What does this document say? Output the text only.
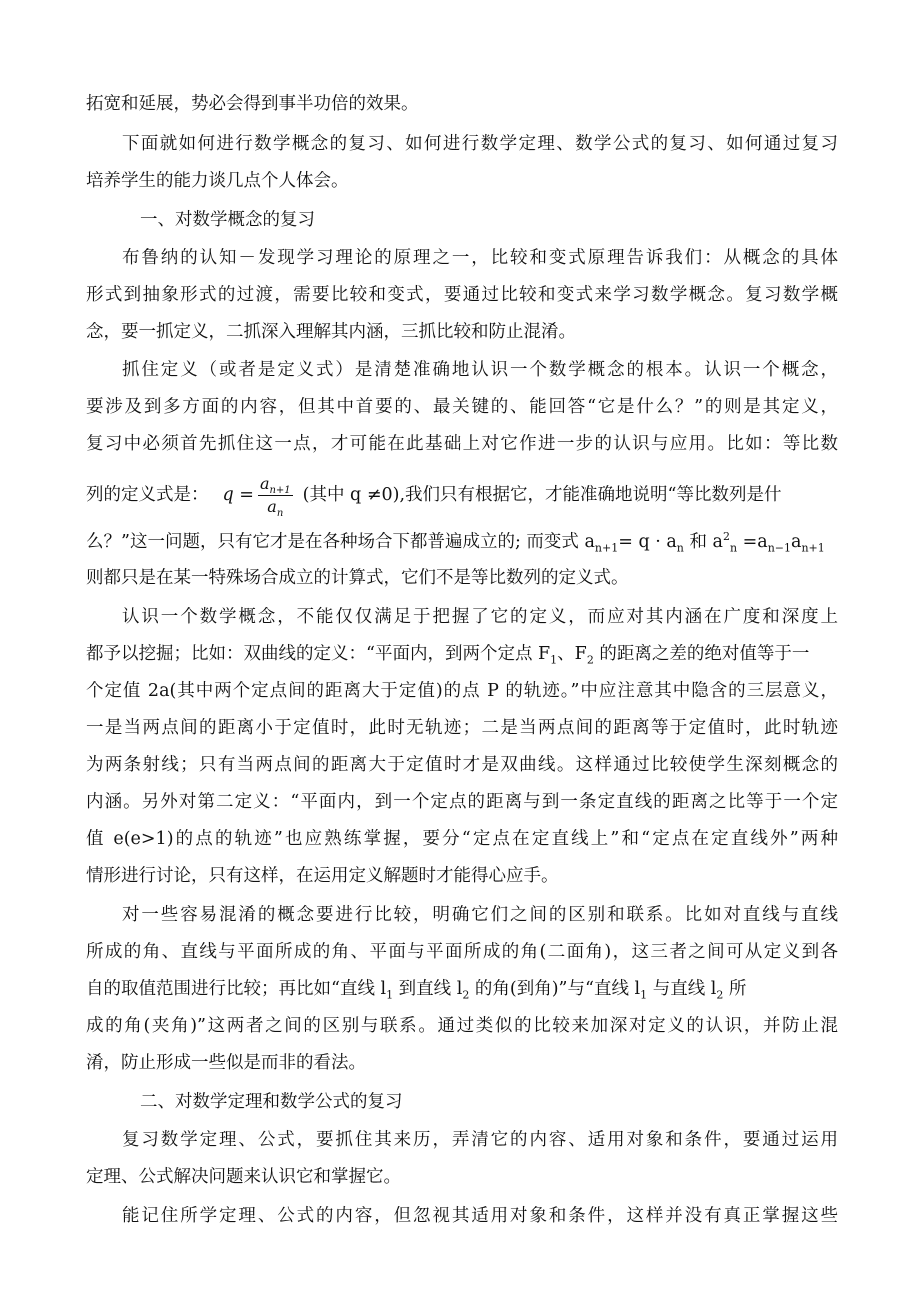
拓宽和延展，势必会得到事半功倍的效果。
下面就如何进行数学概念的复习、如何进行数学定理、数学公式的复习、如何通过复习
培养学生的能力谈几点个人体会。
一、对数学概念的复习
布鲁纳的认知－发现学习理论的原理之一，比较和变式原理告诉我们：从概念的具体
形式到抽象形式的过渡，需要比较和变式，要通过比较和变式来学习数学概念。复习数学概
念，要一抓定义，二抓深入理解其内涵，三抓比较和防止混淆。
抓住定义（或者是定义式）是清楚准确地认识一个数学概念的根本。认识一个概念，
要涉及到多方面的内容，但其中首要的、最关键的、能回答“它是什么？”的则是其定义，
复习中必须首先抓住这一点，才可能在此基础上对它作进一步的认识与应用。比如：等比数
列的定义式是： $q = \frac{a_{n+1}}{a_n}$ (其中 q ≠0),我们只有根据它，才能准确地说明“等比数列是什
么？”这一问题，只有它才是在各种场合下都普遍成立的; 而变式 $a_{n+1}= q \cdot a_n$ 和 $a^2_n =a_{n-1}a_{n+1}$
则都只是在某一特殊场合成立的计算式，它们不是等比数列的定义式。
认识一个数学概念，不能仅仅满足于把握了它的定义，而应对其内涵在广度和深度上
都予以挖掘；比如：双曲线的定义：“平面内，到两个定点 $F_1$、$F_2$ 的距离之差的绝对值等于一
个定值 2a(其中两个定点间的距离大于定值)的点 P 的轨迹。”中应注意其中隐含的三层意义，
一是当两点间的距离小于定值时，此时无轨迹；二是当两点间的距离等于定值时，此时轨迹
为两条射线；只有当两点间的距离大于定值时才是双曲线。这样通过比较使学生深刻概念的
内涵。另外对第二定义：“平面内，到一个定点的距离与到一条定直线的距离之比等于一个定
值 e(e>1)的点的轨迹”也应熟练掌握，要分“定点在定直线上”和“定点在定直线外”两种
情形进行讨论，只有这样，在运用定义解题时才能得心应手。
对一些容易混淆的概念要进行比较，明确它们之间的区别和联系。比如对直线与直线
所成的角、直线与平面所成的角、平面与平面所成的角(二面角)，这三者之间可从定义到各
自的取值范围进行比较；再比如“直线 $l_1$ 到直线 $l_2$ 的角(到角)”与“直线 $l_1$ 与直线 $l_2$ 所
成的角(夹角)”这两者之间的区别与联系。通过类似的比较来加深对定义的认识，并防止混
淆，防止形成一些似是而非的看法。
二、对数学定理和数学公式的复习
复习数学定理、公式，要抓住其来历，弄清它的内容、适用对象和条件，要通过运用
定理、公式解决问题来认识它和掌握它。
能记住所学定理、公式的内容，但忽视其适用对象和条件，这样并没有真正掌握这些
